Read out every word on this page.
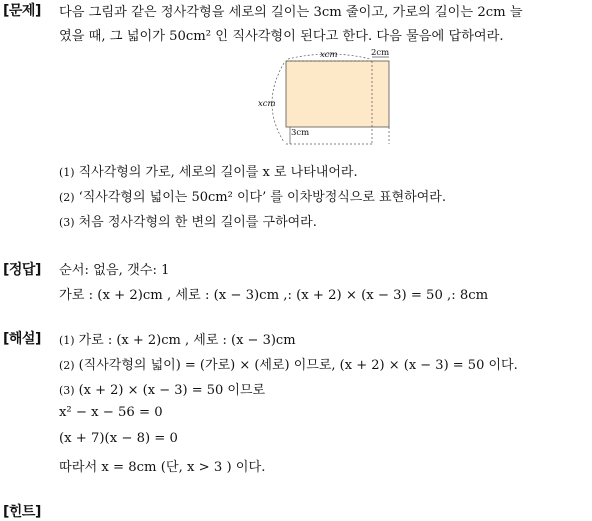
[문제] 다음 그림과 같은 정사각형을 세로의 길이는 3cm 줄이고, 가로의 길이는 2cm 늘
였을 때, 그 넓이가 50cm² 인 직사각형이 된다고 한다. 다음 물음에 답하여라.
xcm	2cm
xcm
3cm
(1) 직사각형의 가로, 세로의 길이를 x 로 나타내어라.
(2) ‘직사각형의 넓이는 50cm² 이다’ 를 이차방정식으로 표현하여라.
(3) 처음 정사각형의 한 변의 길이를 구하여라.
[정답] 순서: 없음, 갯수: 1
가로 : (x + 2)cm , 세로 : (x − 3)cm ,: (x + 2) × (x − 3) = 50 ,: 8cm
[해설] (1) 가로 : (x + 2)cm , 세로 : (x − 3)cm
(2) (직사각형의 넓이) = (가로) × (세로) 이므로, (x + 2) × (x − 3) = 50 이다.
(3) (x + 2) × (x − 3) = 50 이므로
x² − x − 56 = 0
(x + 7)(x − 8) = 0
따라서 x = 8cm (단, x > 3 ) 이다.
[힌트]
